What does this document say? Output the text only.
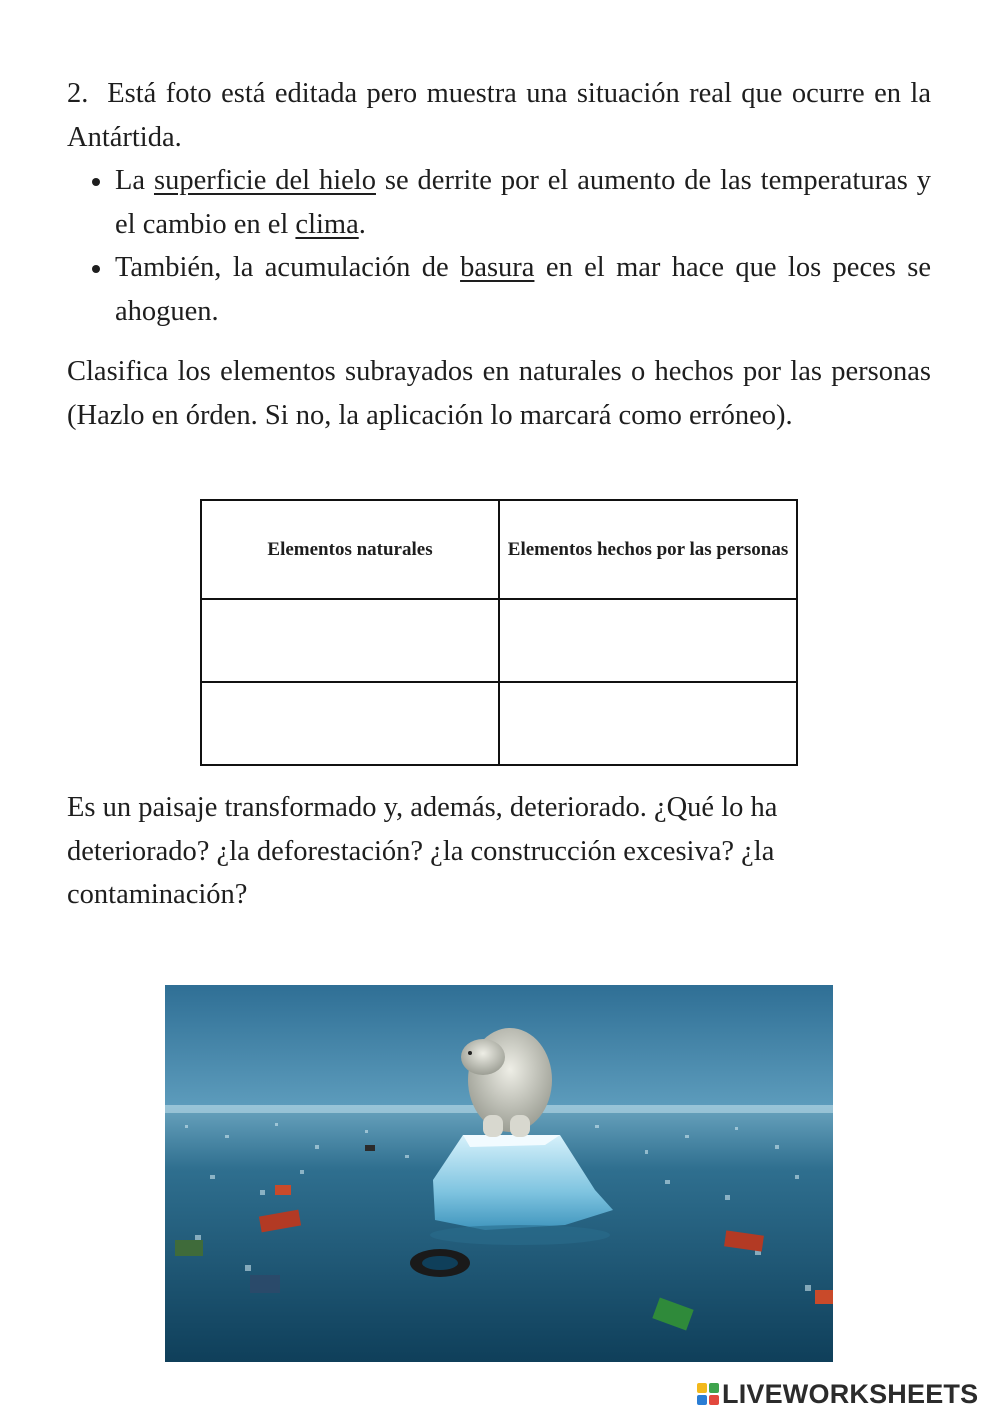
2. Está foto está editada pero muestra una situación real que ocurre en la Antártida.
La superficie del hielo se derrite por el aumento de las temperaturas y el cambio en el clima.
También, la acumulación de basura en el mar hace que los peces se ahoguen.
Clasifica los elementos subrayados en naturales o hechos por las personas (Hazlo en órden. Si no, la aplicación lo marcará como erróneo).
Elementos naturales	Elementos hechos por las personas

Es un paisaje transformado y, además, deteriorado. ¿Qué lo ha deteriorado? ¿la deforestación? ¿la construcción excesiva? ¿la contaminación?
LIVEWORKSHEETS
